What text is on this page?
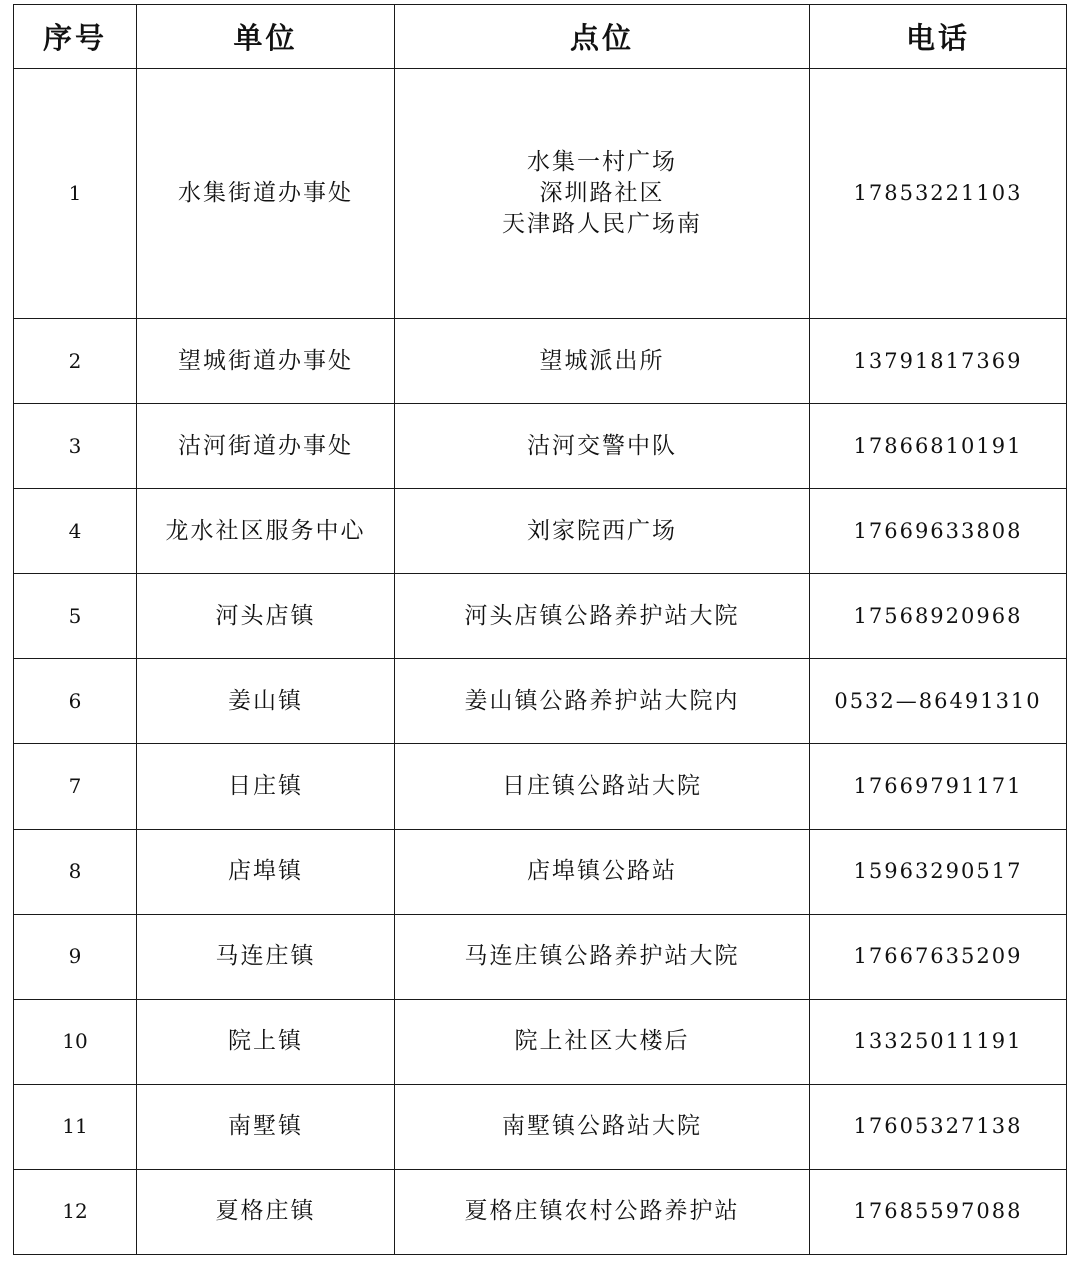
序号	单位	点位	电话
1	水集街道办事处	水集一村广场
深圳路社区
天津路人民广场南	17853221103
2	望城街道办事处	望城派出所	13791817369
3	沽河街道办事处	沽河交警中队	17866810191
4	龙水社区服务中心	刘家院西广场	17669633808
5	河头店镇	河头店镇公路养护站大院	17568920968
6	姜山镇	姜山镇公路养护站大院内	0532—86491310
7	日庄镇	日庄镇公路站大院	17669791171
8	店埠镇	店埠镇公路站	15963290517
9	马连庄镇	马连庄镇公路养护站大院	17667635209
10	院上镇	院上社区大楼后	13325011191
11	南墅镇	南墅镇公路站大院	17605327138
12	夏格庄镇	夏格庄镇农村公路养护站	17685597088
